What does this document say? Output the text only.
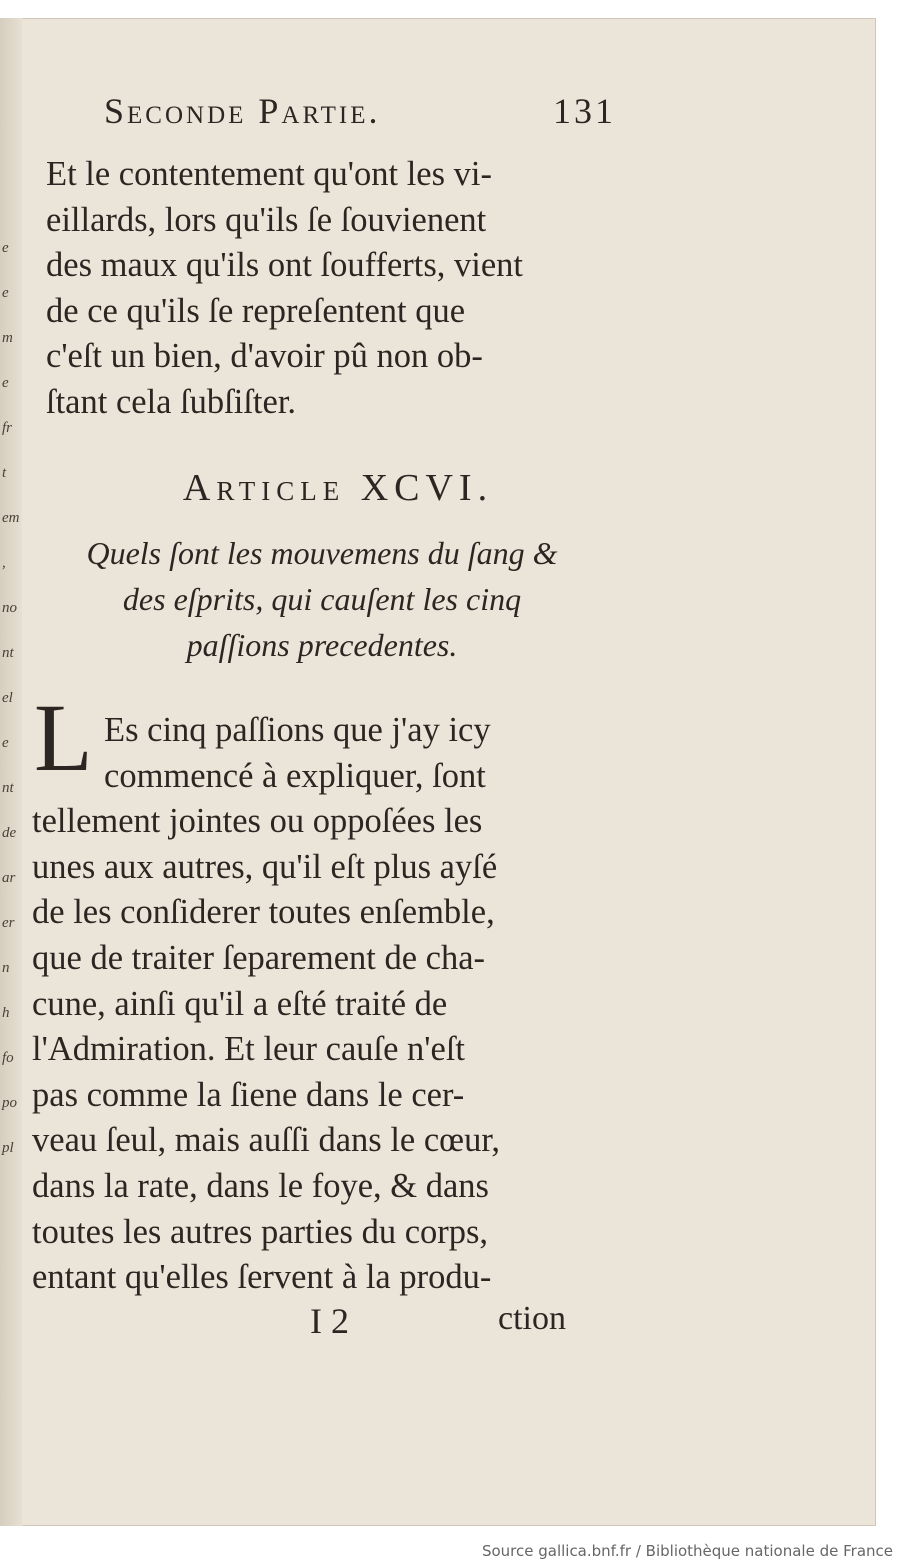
e
e
m
e
fr
t
em
,
no
nt
el
e
nt
de
ar
er
n
h
fo
po
pl
Seconde Partie.	131
Et le contentement qu'ont les vi-
eillards, lors qu'ils ſe ſouvienent
des maux qu'ils ont ſoufferts, vient
de ce qu'ils ſe repreſentent que
c'eſt un bien, d'avoir pû non ob-
ſtant cela ſubſiſter.
Article XCVI.
Quels ſont les mouvemens du ſang &
des eſprits, qui cauſent les cinq
paſſions precedentes.
L Es cinq paſſions que j'ay icy
commencé à expliquer, ſont
tellement jointes ou oppoſées les
unes aux autres, qu'il eſt plus ayſé
de les conſiderer toutes enſemble,
que de traiter ſeparement de cha-
cune, ainſi qu'il a eſté traité de
l'Admiration. Et leur cauſe n'eſt
pas comme la ſiene dans le cer-
veau ſeul, mais auſſi dans le cœur,
dans la rate, dans le foye, & dans
toutes les autres parties du corps,
entant qu'elles ſervent à la produ-
I 2	ction
Source gallica.bnf.fr / Bibliothèque nationale de France
